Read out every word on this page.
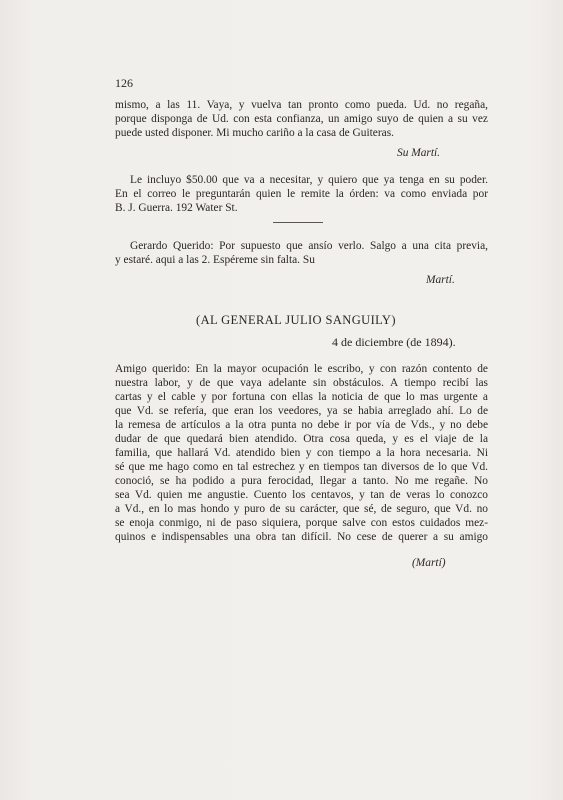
126

mismo, a las 11. Vaya, y vuelva tan pronto como pueda. Ud. no regaña,

porque disponga de Ud. con esta confianza, un amigo suyo de quien a su vez

puede usted disponer. Mi mucho cariño a la casa de Guiteras.

Su Martí.

Le incluyo $50.00 que va a necesitar, y quiero que ya tenga en su poder.

En el correo le preguntarán quien le remite la órden: va como enviada por

B. J. Guerra. 192 Water St.

Gerardo Querido: Por supuesto que ansío verlo. Salgo a una cita previa,

y estaré. aqui a las 2. Espéreme sin falta. Su

Martí.

(AL GENERAL JULIO SANGUILY)

4 de diciembre (de 1894).

Amigo querido: En la mayor ocupación le escribo, y con razón contento de

nuestra labor, y de que vaya adelante sin obstáculos. A tiempo recibí las

cartas y el cable y por fortuna con ellas la noticia de que lo mas urgente a

que Vd. se refería, que eran los veedores, ya se habia arreglado ahí. Lo de

la remesa de artículos a la otra punta no debe ir por vía de Vds., y no debe

dudar de que quedará bien atendido. Otra cosa queda, y es el viaje de la

familia, que hallará Vd. atendido bien y con tiempo a la hora necesaria. Ni

sé que me hago como en tal estrechez y en tiempos tan diversos de lo que Vd.

conoció, se ha podido a pura ferocidad, llegar a tanto. No me regañe. No

sea Vd. quien me angustie. Cuento los centavos, y tan de veras lo conozco

a Vd., en lo mas hondo y puro de su carácter, que sé, de seguro, que Vd. no

se enoja conmigo, ni de paso siquiera, porque salve con estos cuidados mez-

quinos e indispensables una obra tan difícil. No cese de querer a su amigo

(Martí)
